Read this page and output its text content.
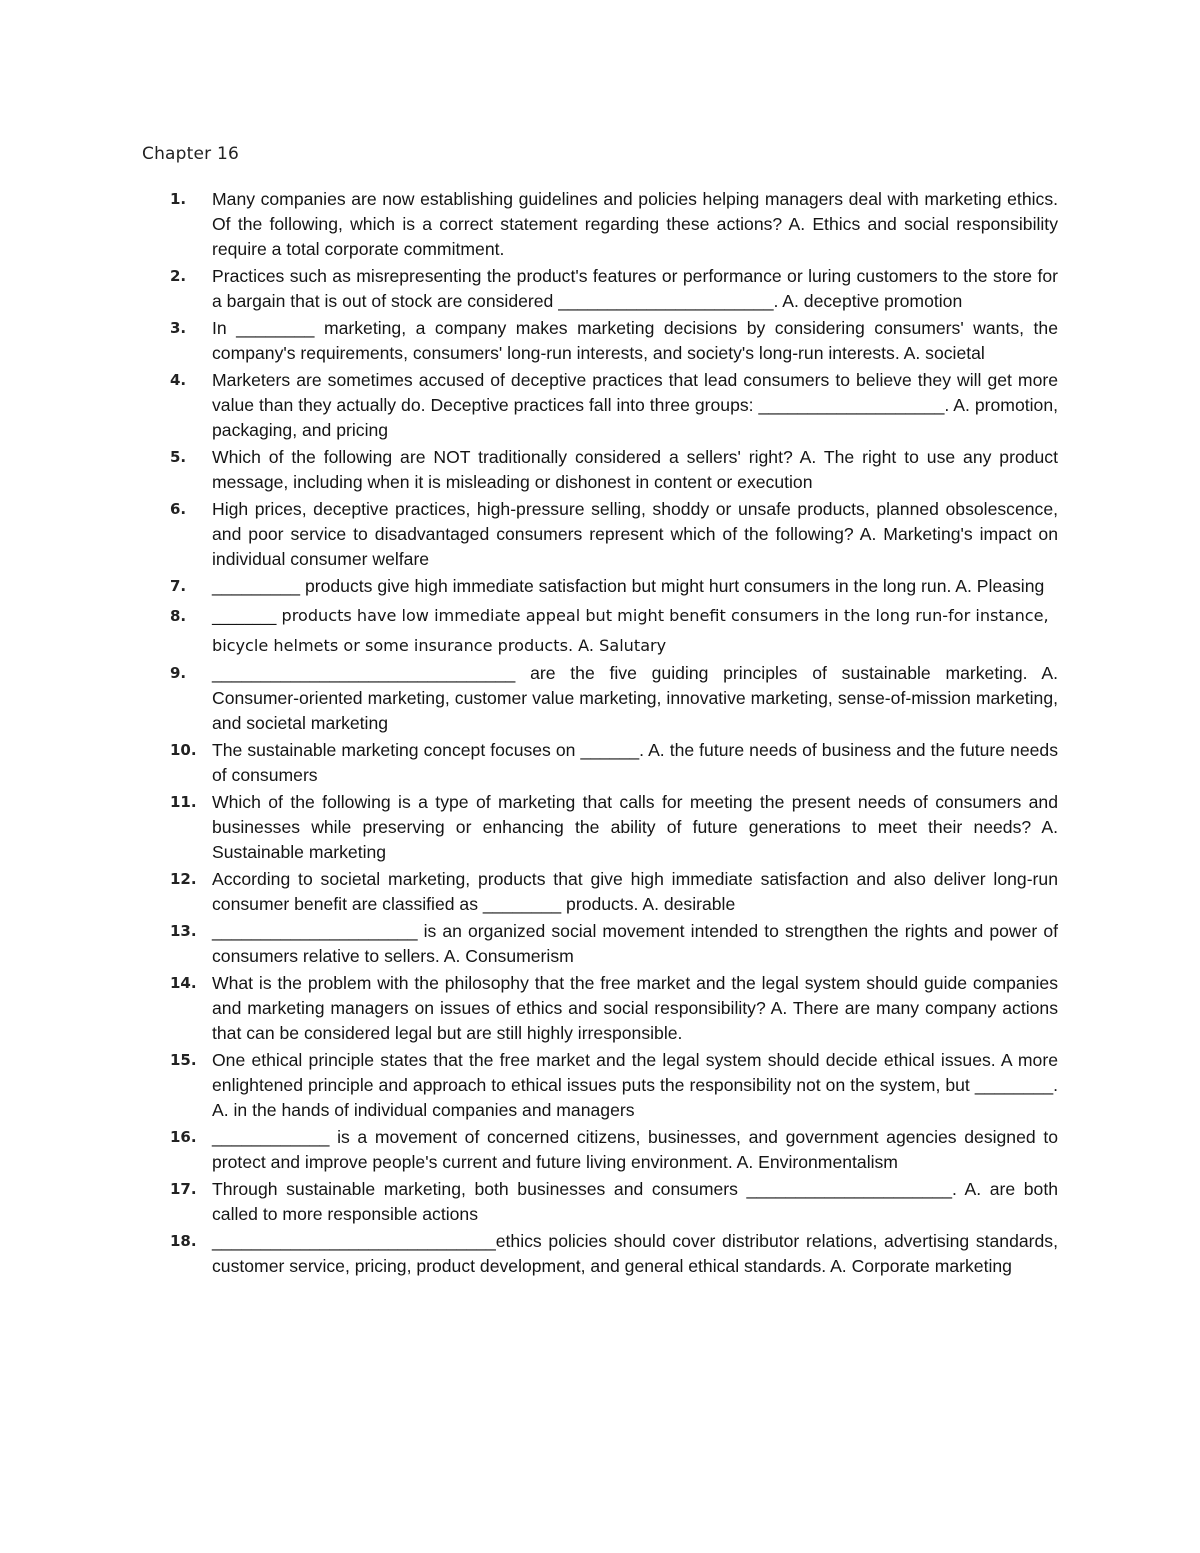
Chapter 16
1. Many companies are now establishing guidelines and policies helping managers deal with marketing ethics. Of the following, which is a correct statement regarding these actions? A. Ethics and social responsibility require a total corporate commitment.
2. Practices such as misrepresenting the product's features or performance or luring customers to the store for a bargain that is out of stock are considered ______________________. A. deceptive promotion
3. In ________ marketing, a company makes marketing decisions by considering consumers' wants, the company's requirements, consumers' long-run interests, and society's long-run interests. A. societal
4. Marketers are sometimes accused of deceptive practices that lead consumers to believe they will get more value than they actually do. Deceptive practices fall into three groups: ___________________. A. promotion, packaging, and pricing
5. Which of the following are NOT traditionally considered a sellers' right? A. The right to use any product message, including when it is misleading or dishonest in content or execution
6. High prices, deceptive practices, high-pressure selling, shoddy or unsafe products, planned obsolescence, and poor service to disadvantaged consumers represent which of the following? A. Marketing's impact on individual consumer welfare
7. _________ products give high immediate satisfaction but might hurt consumers in the long run. A. Pleasing
8. ________ products have low immediate appeal but might benefit consumers in the long run-for instance, bicycle helmets or some insurance products. A. Salutary
9. _______________________________ are the five guiding principles of sustainable marketing. A. Consumer-oriented marketing, customer value marketing, innovative marketing, sense-of-mission marketing, and societal marketing
10. The sustainable marketing concept focuses on ______. A. the future needs of business and the future needs of consumers
11. Which of the following is a type of marketing that calls for meeting the present needs of consumers and businesses while preserving or enhancing the ability of future generations to meet their needs? A. Sustainable marketing
12. According to societal marketing, products that give high immediate satisfaction and also deliver long-run consumer benefit are classified as ________ products. A. desirable
13. _____________________ is an organized social movement intended to strengthen the rights and power of consumers relative to sellers. A. Consumerism
14. What is the problem with the philosophy that the free market and the legal system should guide companies and marketing managers on issues of ethics and social responsibility? A. There are many company actions that can be considered legal but are still highly irresponsible.
15. One ethical principle states that the free market and the legal system should decide ethical issues. A more enlightened principle and approach to ethical issues puts the responsibility not on the system, but ________. A. in the hands of individual companies and managers
16. ____________ is a movement of concerned citizens, businesses, and government agencies designed to protect and improve people's current and future living environment. A. Environmentalism
17. Through sustainable marketing, both businesses and consumers _____________________. A. are both called to more responsible actions
18. _____________________________ethics policies should cover distributor relations, advertising standards, customer service, pricing, product development, and general ethical standards. A. Corporate marketing
